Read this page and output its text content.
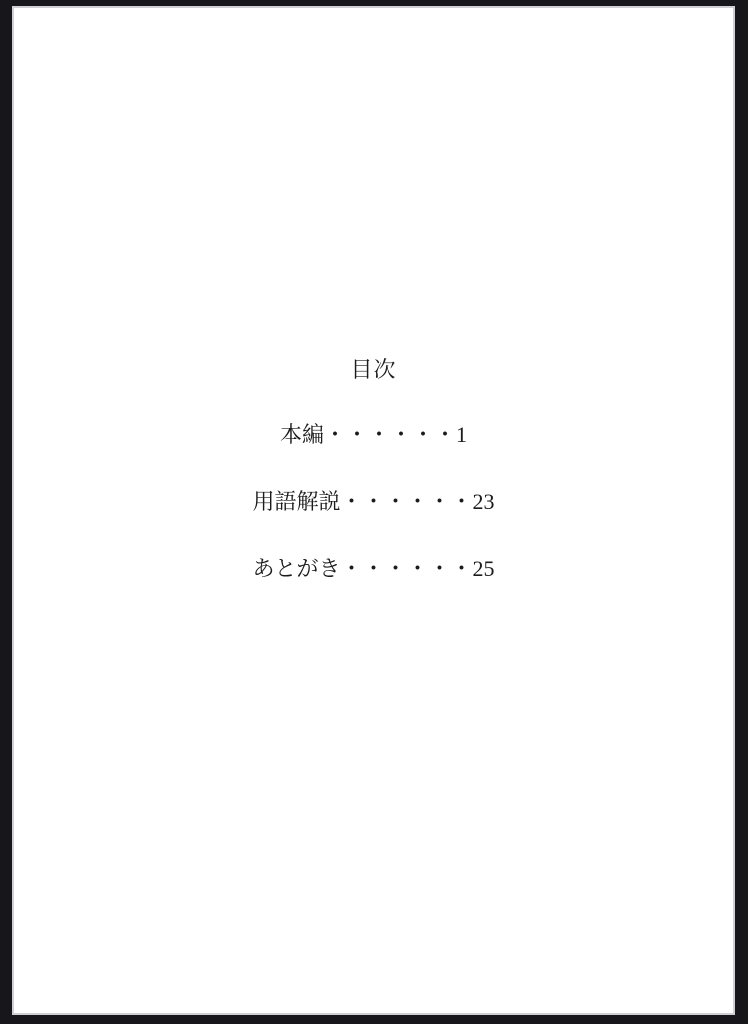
目次
本編・・・・・・1
用語解説・・・・・・23
あとがき・・・・・・25
